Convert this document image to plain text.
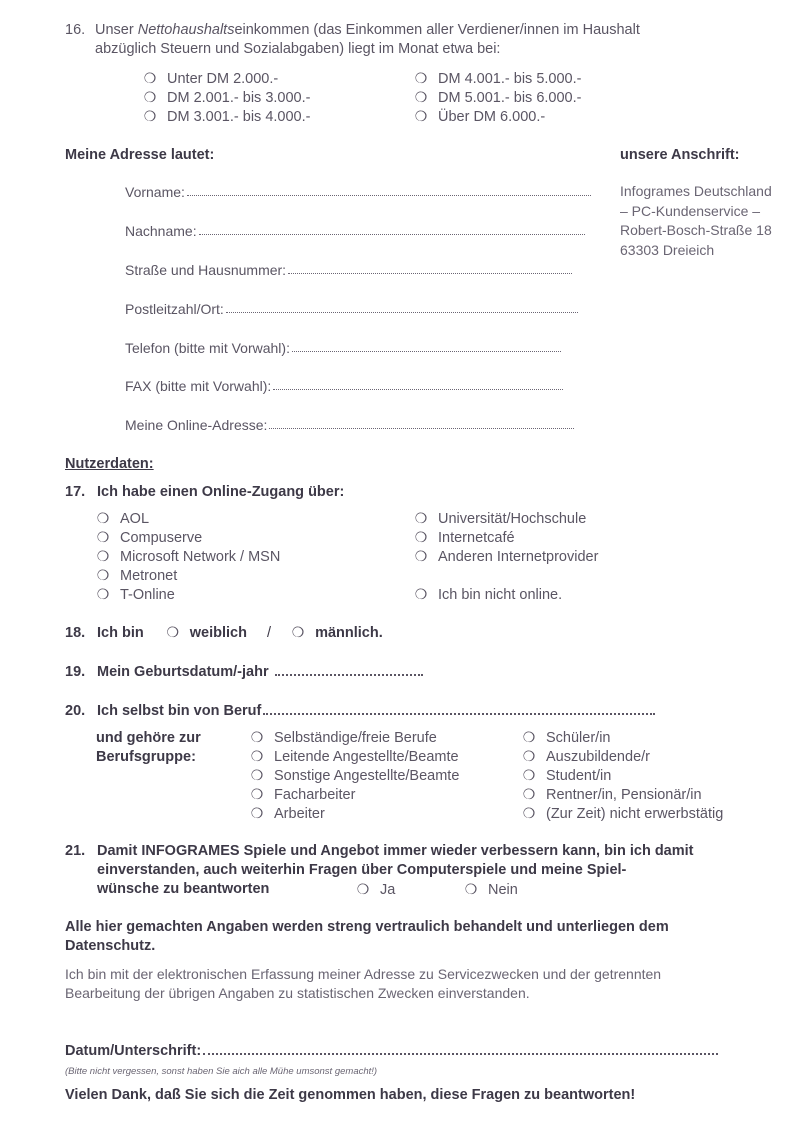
16. Unser Nettohaushaltseinkommen (das Einkommen aller Verdiener/innen im Haushalt
abzüglich Steuern und Sozialabgaben) liegt im Monat etwa bei:
❍ Unter DM 2.000.-
❍ DM 2.001.- bis 3.000.-
❍ DM 3.001.- bis 4.000.-
❍ DM 4.001.- bis 5.000.-
❍ DM 5.001.- bis 6.000.-
❍ Über DM 6.000.-
Meine Adresse lautet:	unsere Anschrift:
Infogrames Deutschland
– PC-Kundenservice –
Robert-Bosch-Straße 18
63303 Dreieich
Vorname:
Nachname:
Straße und Hausnummer:
Postleitzahl/Ort:
Telefon (bitte mit Vorwahl):
FAX (bitte mit Vorwahl):
Meine Online-Adresse:
Nutzerdaten:
17. Ich habe einen Online-Zugang über:
❍ AOL
❍ Compuserve
❍ Microsoft Network / MSN
❍ Metronet
❍ T-Online
❍ Universität/Hochschule
❍ Internetcafé
❍ Anderen Internetprovider
❍ Ich bin nicht online.
18. Ich bin ❍ weiblich / ❍ männlich.
19. Mein Geburtsdatum/-jahr
20. Ich selbst bin von Beruf
und gehöre zur
Berufsgruppe:
❍ Selbständige/freie Berufe
❍ Leitende Angestellte/Beamte
❍ Sonstige Angestellte/Beamte
❍ Facharbeiter
❍ Arbeiter
❍ Schüler/in
❍ Auszubildende/r
❍ Student/in
❍ Rentner/in, Pensionär/in
❍ (Zur Zeit) nicht erwerbstätig
21. Damit INFOGRAMES Spiele und Angebot immer wieder verbessern kann, bin ich damit
einverstanden, auch weiterhin Fragen über Computerspiele und meine Spiel-
wünsche zu beantworten	❍ Ja	❍ Nein
Alle hier gemachten Angaben werden streng vertraulich behandelt und unterliegen dem
Datenschutz.
Ich bin mit der elektronischen Erfassung meiner Adresse zu Servicezwecken und der getrennten
Bearbeitung der übrigen Angaben zu statistischen Zwecken einverstanden.
Datum/Unterschrift:
(Bitte nicht vergessen, sonst haben Sie aich alle Mühe umsonst gemacht!)
Vielen Dank, daß Sie sich die Zeit genommen haben, diese Fragen zu beantworten!
